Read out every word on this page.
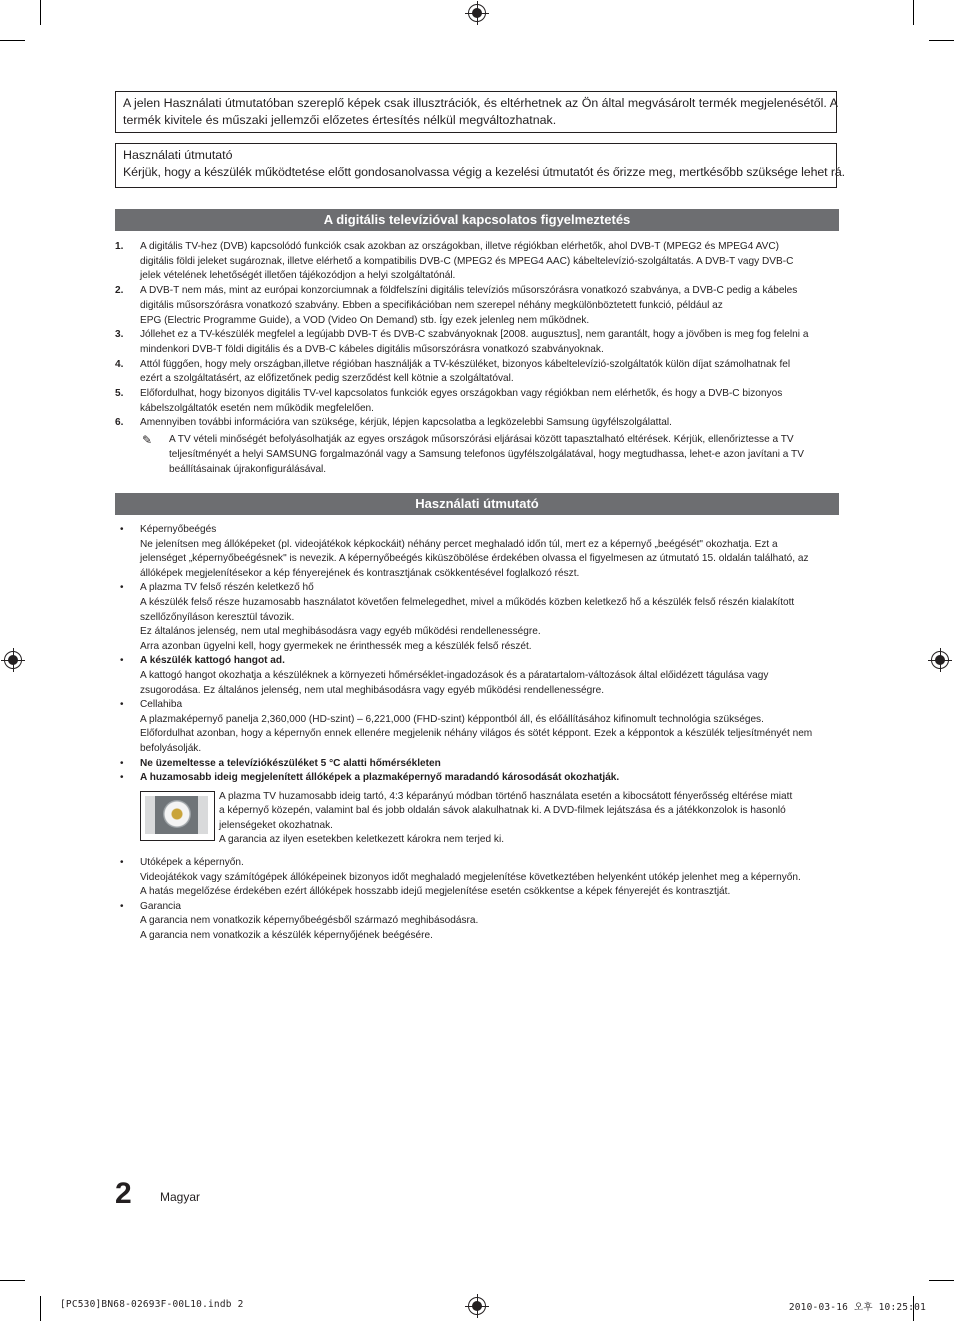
A jelen Használati útmutatóban szereplő képek csak illusztrációk, és eltérhetnek az Ön által megvásárolt termék megjelenésétől. A
termék kivitele és műszaki jellemzői előzetes értesítés nélkül megváltozhatnak.
Használati útmutató
Kérjük, hogy a készülék működtetése előtt gondosanolvassa végig a kezelési útmutatót és őrizze meg, mertkésőbb szüksége lehet rá.
A digitális televízióval kapcsolatos figyelmeztetés
1. A digitális TV-hez (DVB) kapcsolódó funkciók csak azokban az országokban, illetve régiókban elérhetők, ahol DVB-T (MPEG2 és MPEG4 AVC)
digitális földi jeleket sugároznak, illetve elérhető a kompatibilis DVB-C (MPEG2 és MPEG4 AAC) kábeltelevízió-szolgáltatás. A DVB-T vagy DVB-C
jelek vételének lehetőségét illetően tájékozódjon a helyi szolgáltatónál.
2. A DVB-T nem más, mint az európai konzorciumnak a földfelszíni digitális televíziós műsorszórásra vonatkozó szabványa, a DVB-C pedig a kábeles
digitális műsorszórásra vonatkozó szabvány. Ebben a specifikációban nem szerepel néhány megkülönböztetett funkció, például az
EPG (Electric Programme Guide), a VOD (Video On Demand) stb. Így ezek jelenleg nem működnek.
3. Jóllehet ez a TV-készülék megfelel a legújabb DVB-T és DVB-C szabványoknak [2008. augusztus], nem garantált, hogy a jövőben is meg fog felelni a
mindenkori DVB-T földi digitális és a DVB-C kábeles digitális műsorszórásra vonatkozó szabványoknak.
4. Attól függően, hogy mely országban,illetve régióban használják a TV-készüléket, bizonyos kábeltelevízió-szolgáltatók külön díjat számolhatnak fel
ezért a szolgáltatásért, az előfizetőnek pedig szerződést kell kötnie a szolgáltatóval.
5. Előfordulhat, hogy bizonyos digitális TV-vel kapcsolatos funkciók egyes országokban vagy régiókban nem elérhetők, és hogy a DVB-C bizonyos
kábelszolgáltatók esetén nem működik megfelelően.
6. Amennyiben további információra van szüksége, kérjük, lépjen kapcsolatba a legközelebbi Samsung ügyfélszolgálattal.
✎ A TV vételi minőségét befolyásolhatják az egyes országok műsorszórási eljárásai között tapasztalható eltérések. Kérjük, ellenőriztesse a TV
teljesítményét a helyi SAMSUNG forgalmazónál vagy a Samsung telefonos ügyfélszolgálatával, hogy megtudhassa, lehet-e azon javítani a TV
beállításainak újrakonfigurálásával.
Használati útmutató
• Képernyőbeégés
Ne jelenítsen meg állóképeket (pl. videojátékok képkockáit) néhány percet meghaladó időn túl, mert ez a képernyő „beégését" okozhatja. Ezt a
jelenséget „képernyőbeégésnek" is nevezik. A képernyőbeégés kiküszöbölése érdekében olvassa el figyelmesen az útmutató 15. oldalán található, az
állóképek megjelenítésekor a kép fényerejének és kontrasztjának csökkentésével foglalkozó részt.
• A plazma TV felső részén keletkező hő
A készülék felső része huzamosabb használatot követően felmelegedhet, mivel a működés közben keletkező hő a készülék felső részén kialakított
szellőzőnyíláson keresztül távozik.
Ez általános jelenség, nem utal meghibásodásra vagy egyéb működési rendellenességre.
Arra azonban ügyelni kell, hogy gyermekek ne érinthessék meg a készülék felső részét.
• A készülék kattogó hangot ad.
A kattogó hangot okozhatja a készüléknek a környezeti hőmérséklet-ingadozások és a páratartalom-változások által előidézett tágulása vagy
zsugorodása. Ez általános jelenség, nem utal meghibásodásra vagy egyéb működési rendellenességre.
• Cellahiba
A plazmaképernyő panelja 2,360,000 (HD-szint) – 6,221,000 (FHD-szint) képpontból áll, és előállításához kifinomult technológia szükséges.
Előfordulhat azonban, hogy a képernyőn ennek ellenére megjelenik néhány világos és sötét képpont. Ezek a képpontok a készülék teljesítményét nem
befolyásolják.
• Ne üzemeltesse a televíziókészüléket 5 °C alatti hőmérsékleten
• A huzamosabb ideig megjelenített állóképek a plazmaképernyő maradandó károsodását okozhatják.
A plazma TV huzamosabb ideig tartó, 4:3 képarányú módban történő használata esetén a kibocsátott fényerősség eltérése miatt
a képernyő közepén, valamint bal és jobb oldalán sávok alakulhatnak ki. A DVD-filmek lejátszása és a játékkonzolok is hasonló
jelenségeket okozhatnak.
A garancia az ilyen esetekben keletkezett károkra nem terjed ki.
• Utóképek a képernyőn.
Videojátékok vagy számítógépek állóképeinek bizonyos időt meghaladó megjelenítése következtében helyenként utókép jelenhet meg a képernyőn.
A hatás megelőzése érdekében ezért állóképek hosszabb idejű megjelenítése esetén csökkentse a képek fényerejét és kontrasztját.
• Garancia
A garancia nem vonatkozik képernyőbeégésből származó meghibásodásra.
A garancia nem vonatkozik a készülék képernyőjének beégésére.
2 Magyar
[PC530]BN68-02693F-00L10.indb 2	2010-03-16 오후 10:25:01
